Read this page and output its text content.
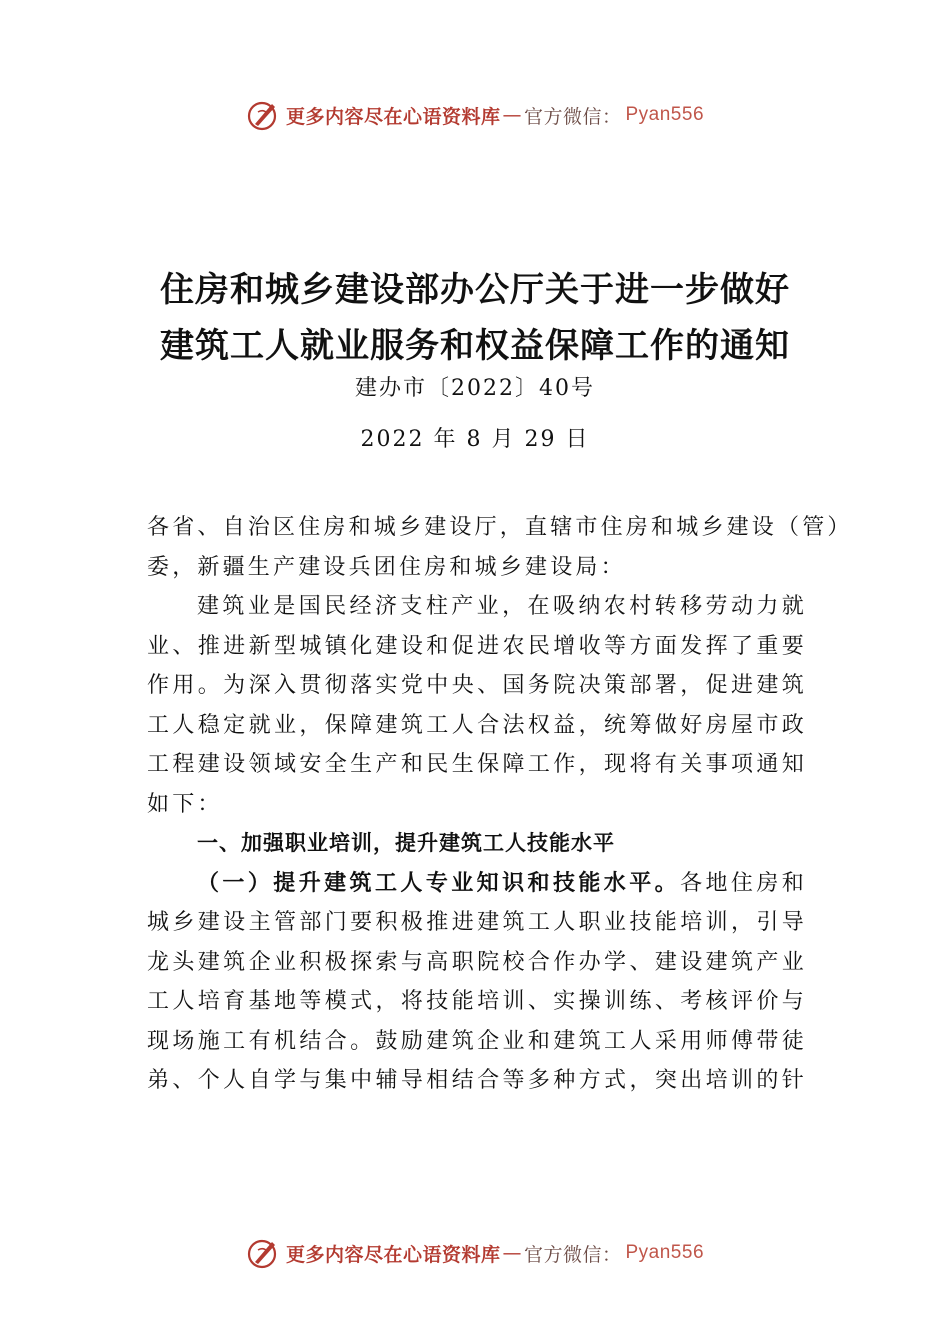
更多内容尽在心语资料库 — 官方微信： Pyan556
住房和城乡建设部办公厅关于进一步做好
建筑工人就业服务和权益保障工作的通知
建办市〔2022〕40号
2022 年 8 月 29 日
各省、自治区住房和城乡建设厅，直辖市住房和城乡建设（管）
委，新疆生产建设兵团住房和城乡建设局：
建筑业是国民经济支柱产业，在吸纳农村转移劳动力就
业、推进新型城镇化建设和促进农民增收等方面发挥了重要
作用。为深入贯彻落实党中央、国务院决策部署，促进建筑
工人稳定就业，保障建筑工人合法权益，统筹做好房屋市政
工程建设领域安全生产和民生保障工作，现将有关事项通知
如下：
一、加强职业培训，提升建筑工人技能水平
（一）提升建筑工人专业知识和技能水平。各地住房和
城乡建设主管部门要积极推进建筑工人职业技能培训，引导
龙头建筑企业积极探索与高职院校合作办学、建设建筑产业
工人培育基地等模式，将技能培训、实操训练、考核评价与
现场施工有机结合。鼓励建筑企业和建筑工人采用师傅带徒
弟、个人自学与集中辅导相结合等多种方式，突出培训的针
更多内容尽在心语资料库 — 官方微信： Pyan556
